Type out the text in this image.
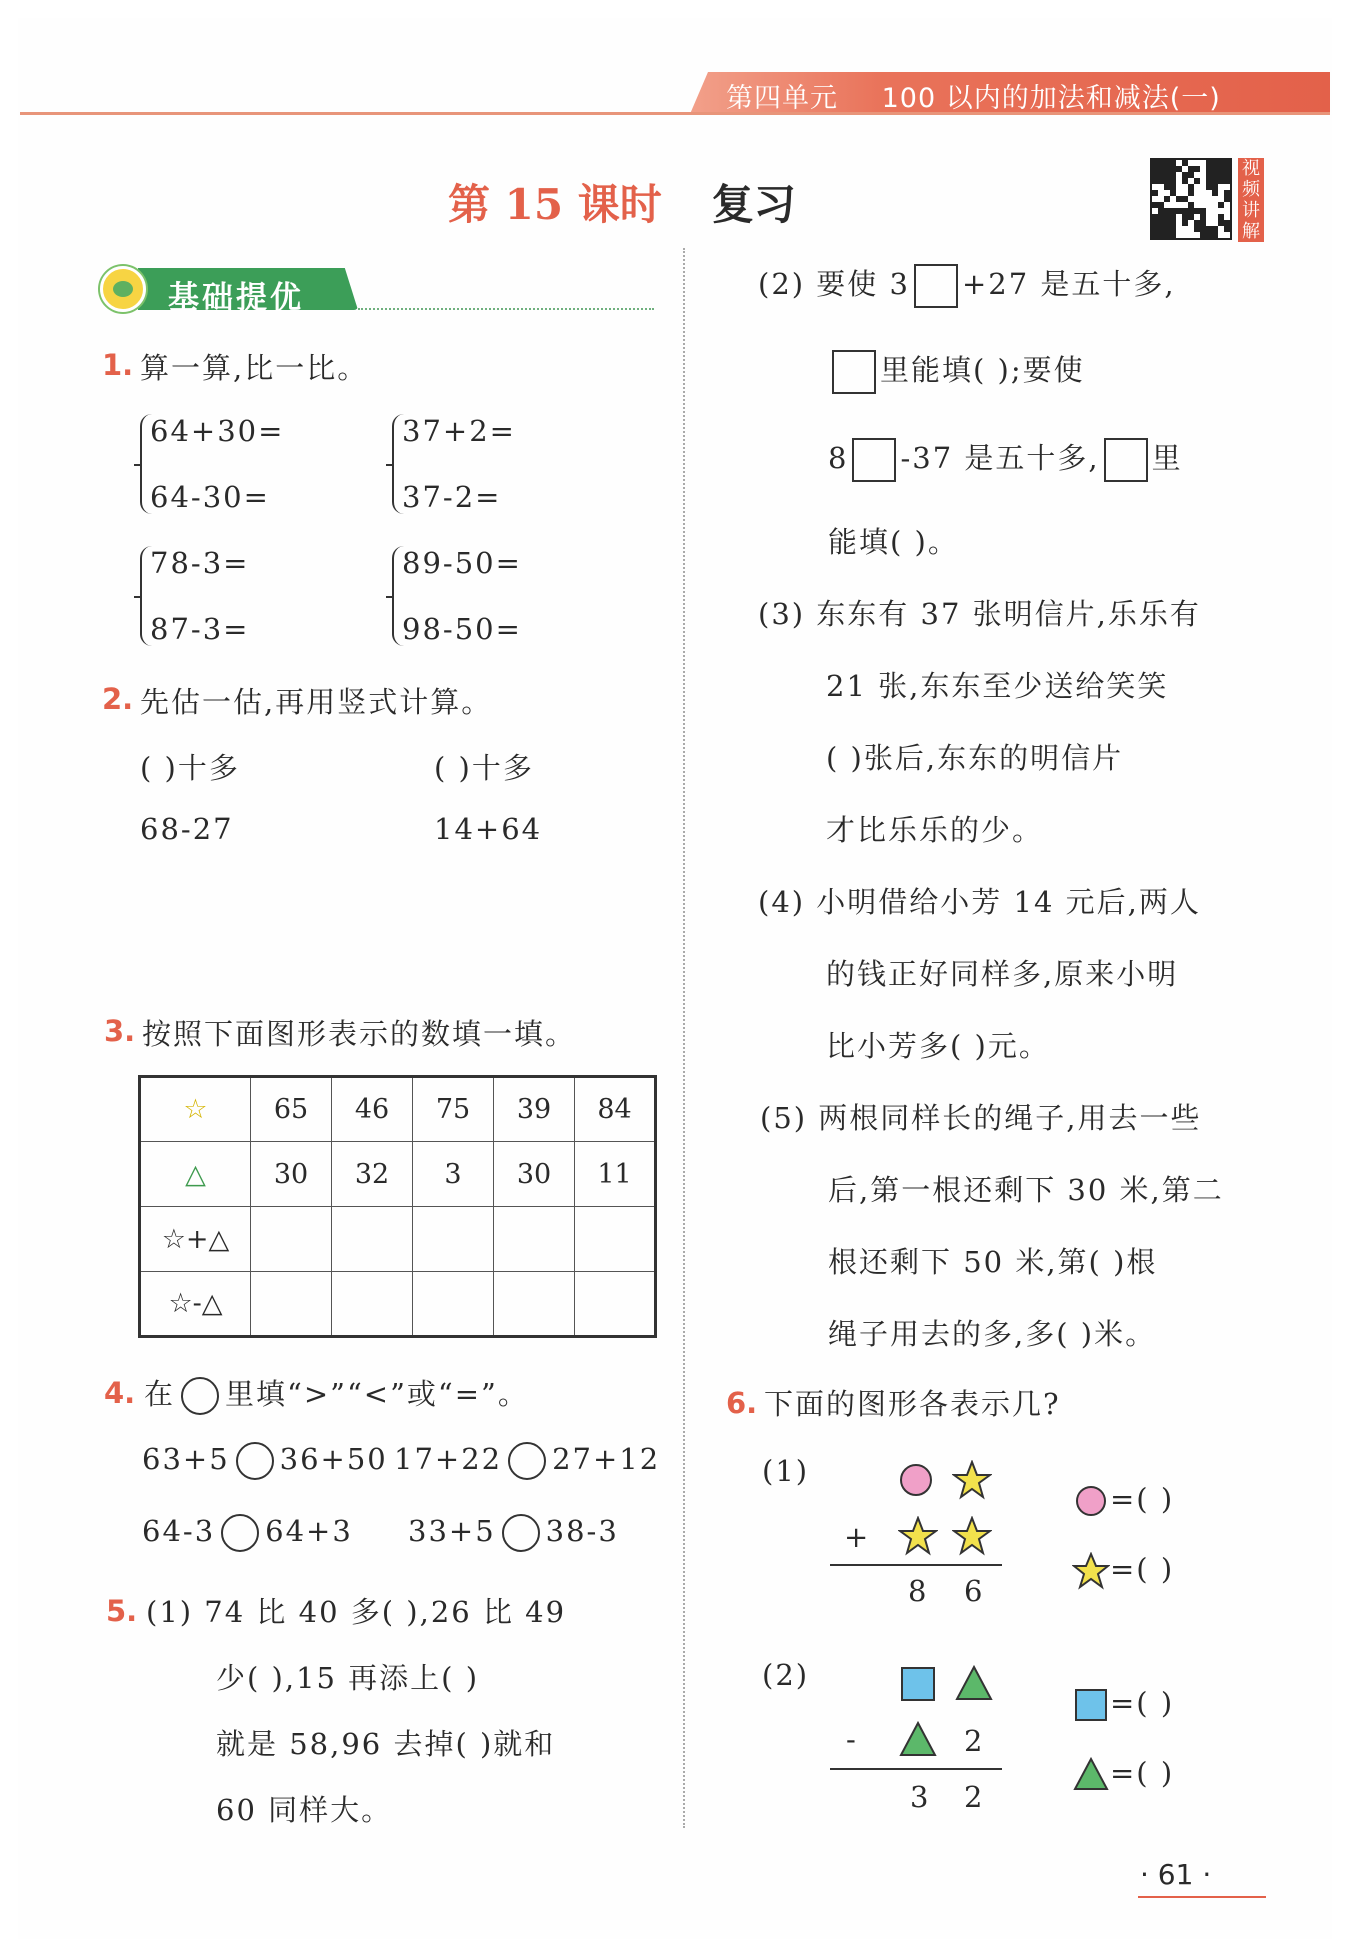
第四单元 100 以内的加法和减法(一)
第 15 课时 复习
视
频
讲
解
基础提优
1. 算一算,比一比。
64+30=
64-30=
37+2=
37-2=
78-3=
87-3=
89-50=
98-50=
2. 先估一估,再用竖式计算。
( )十多	( )十多
68-27	14+64
3. 按照下面图形表示的数填一填。
☆	65	46	75	39	84
△	30	32	3	30	11
☆+△					
☆-△					
4. 在 里填“>”“<”或“=”。
63+5 36+50 17+22 27+12
64-3 64+3 33+5 38-3
5. (1) 74 比 40 多( ),26 比 49
少( ),15 再添上( )
就是 58,96 去掉( )就和
60 同样大。
(2) 要使 3 +27 是五十多,
里能填( );要使
8 -37 是五十多, 里
能填( )。
(3) 东东有 37 张明信片,乐乐有
21 张,东东至少送给笑笑
( )张后,东东的明信片
才比乐乐的少。
(4) 小明借给小芳 14 元后,两人
的钱正好同样多,原来小明
比小芳多( )元。
(5) 两根同样长的绳子,用去一些
后,第一根还剩下 30 米,第二
根还剩下 50 米,第( )根
绳子用去的多,多( )米。
6. 下面的图形各表示几?
(1)
+
8 6
=( )
=( )
(2)
-	2
3 2
=( )
=( )
· 61 ·
